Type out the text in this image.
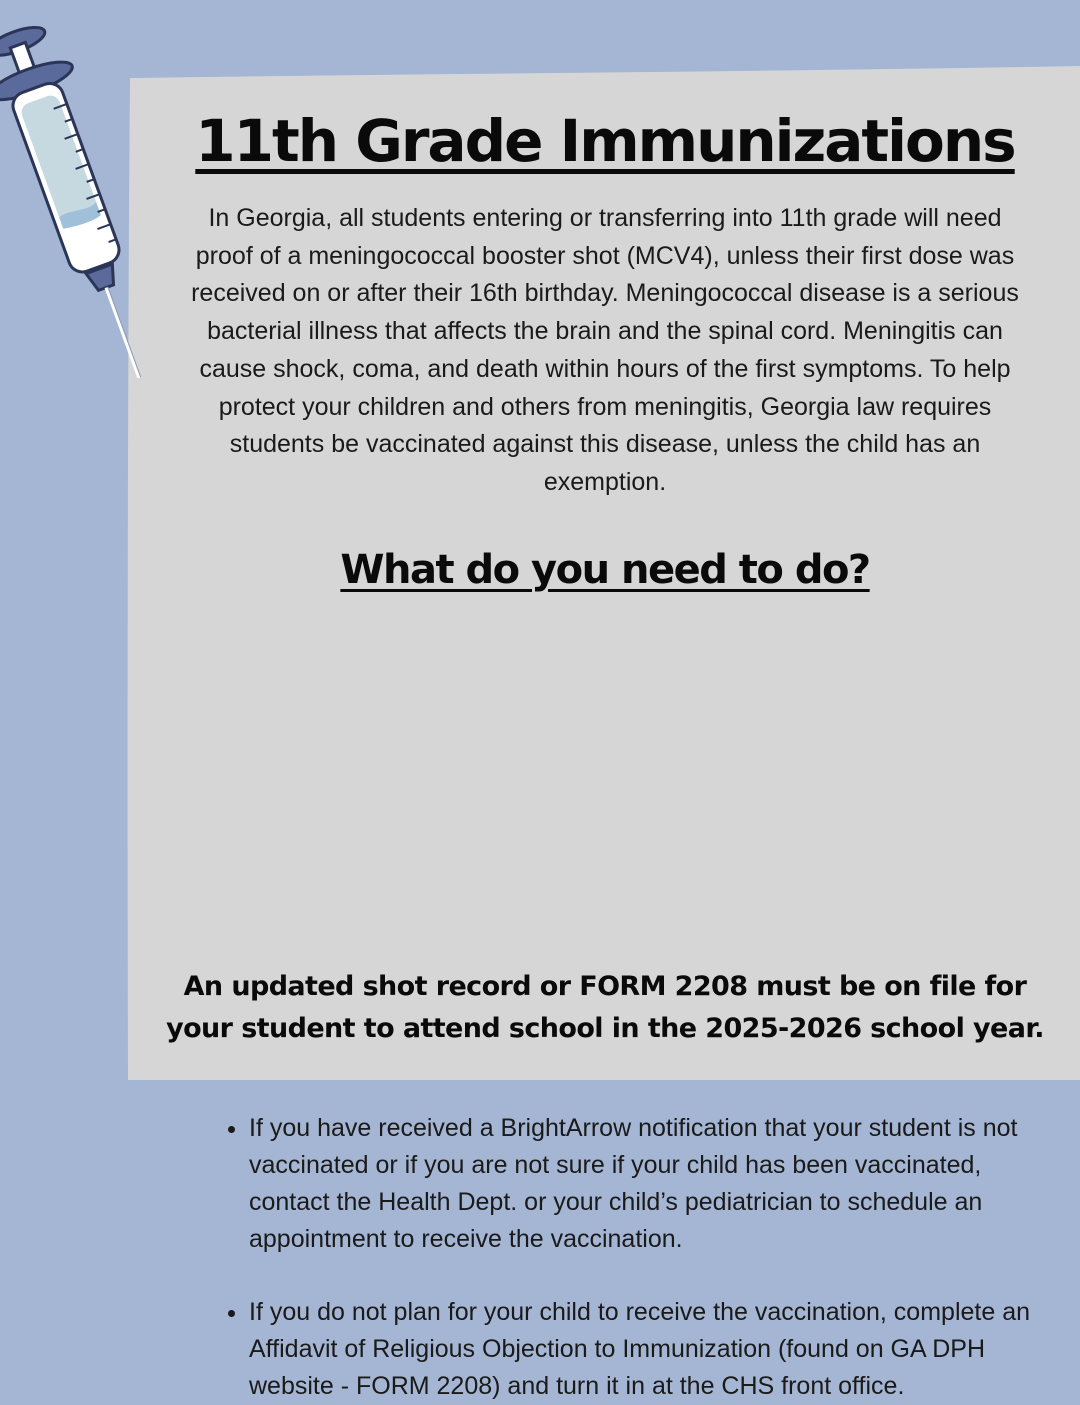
11th Grade Immunizations

In Georgia, all students entering or transferring into 11th grade will need proof of a meningococcal booster shot (MCV4), unless their first dose was received on or after their 16th birthday. Meningococcal disease is a serious bacterial illness that affects the brain and the spinal cord. Meningitis can cause shock, coma, and death within hours of the first symptoms. To help protect your children and others from meningitis, Georgia law requires students be vaccinated against this disease, unless the child has an exemption.

What do you need to do?
If you have received a BrightArrow notification that your student is not vaccinated or if you are not sure if your child has been vaccinated, contact the Health Dept. or your child’s pediatrician to schedule an appointment to receive the vaccination.
If you do not plan for your child to receive the vaccination, complete an Affidavit of Religious Objection to Immunization (found on GA DPH website - FORM 2208) and turn it in at the CHS front office.

An updated shot record or FORM 2208 must be on file for
your student to attend school in the 2025-2026 school year.
